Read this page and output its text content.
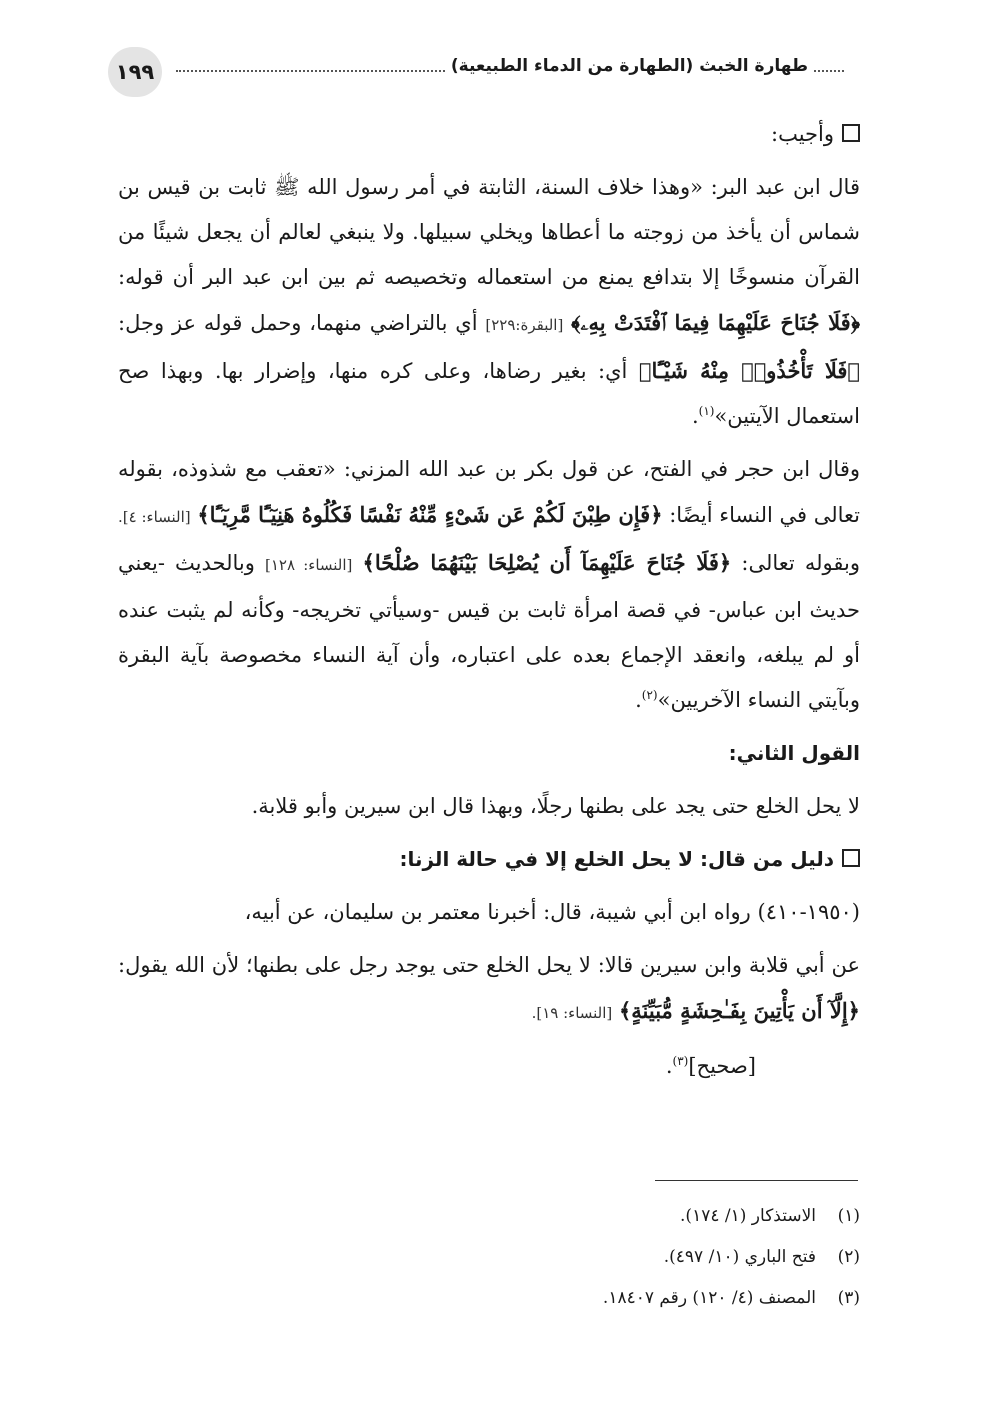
١٩٩	طهارة الخبث (الطهارة من الدماء الطبيعية)

وأجيب:

قال ابن عبد البر: «وهذا خلاف السنة، الثابتة في أمر رسول الله ﷺ ثابت بن قيس بن شماس أن يأخذ من زوجته ما أعطاها ويخلي سبيلها. ولا ينبغي لعالم أن يجعل شيئًا من القرآن منسوخًا إلا بتدافع يمنع من استعماله وتخصيصه ثم بين ابن عبد البر أن قوله: ﴿فَلَا جُنَاحَ عَلَيْهِمَا فِيمَا ٱفْتَدَتْ بِهِۦ﴾ [البقرة:٢٢٩] أي بالتراضي منهما، وحمل قوله عز وجل: ﴿فَلَا تَأْخُذُوا۟ مِنْهُ شَيْـًٔا﴾ أي: بغير رضاها، وعلى كره منها، وإضرار بها. وبهذا صح استعمال الآيتين»$^{(١)}$.

وقال ابن حجر في الفتح، عن قول بكر بن عبد الله المزني: «تعقب مع شذوذه، بقوله تعالى في النساء أيضًا: ﴿فَإِن طِبْنَ لَكُمْ عَن شَىْءٍ مِّنْهُ نَفْسًا فَكُلُوهُ هَنِيٓـًٔا مَّرِيٓـًٔا﴾ [النساء: ٤].

وبقوله تعالى: ﴿فَلَا جُنَاحَ عَلَيْهِمَآ أَن يُصْلِحَا بَيْنَهُمَا صُلْحًا﴾ [النساء: ١٢٨] وبالحديث -يعني حديث ابن عباس- في قصة امرأة ثابت بن قيس -وسيأتي تخريجه- وكأنه لم يثبت عنده أو لم يبلغه، وانعقد الإجماع بعده على اعتباره، وأن آية النساء مخصوصة بآية البقرة وبآيتي النساء الآخريين»$^{(٢)}$.

القول الثاني:

لا يحل الخلع حتى يجد على بطنها رجلًا، وبهذا قال ابن سيرين وأبو قلابة.

دليل من قال: لا يحل الخلع إلا في حالة الزنا:

(١٩٥٠-٤١٠) رواه ابن أبي شيبة، قال: أخبرنا معتمر بن سليمان، عن أبيه،

عن أبي قلابة وابن سيرين قالا: لا يحل الخلع حتى يوجد رجل على بطنها؛ لأن الله يقول: ﴿إِلَّآ أَن يَأْتِينَ بِفَـٰحِشَةٍ مُّبَيِّنَةٍ﴾ [النساء: ١٩].

[صحيح]$^{(٣)}$.

(١)الاستذكار (١/ ١٧٤).
(٢)فتح الباري (١٠/ ٤٩٧).
(٣)المصنف (٤/ ١٢٠) رقم ١٨٤٠٧.
